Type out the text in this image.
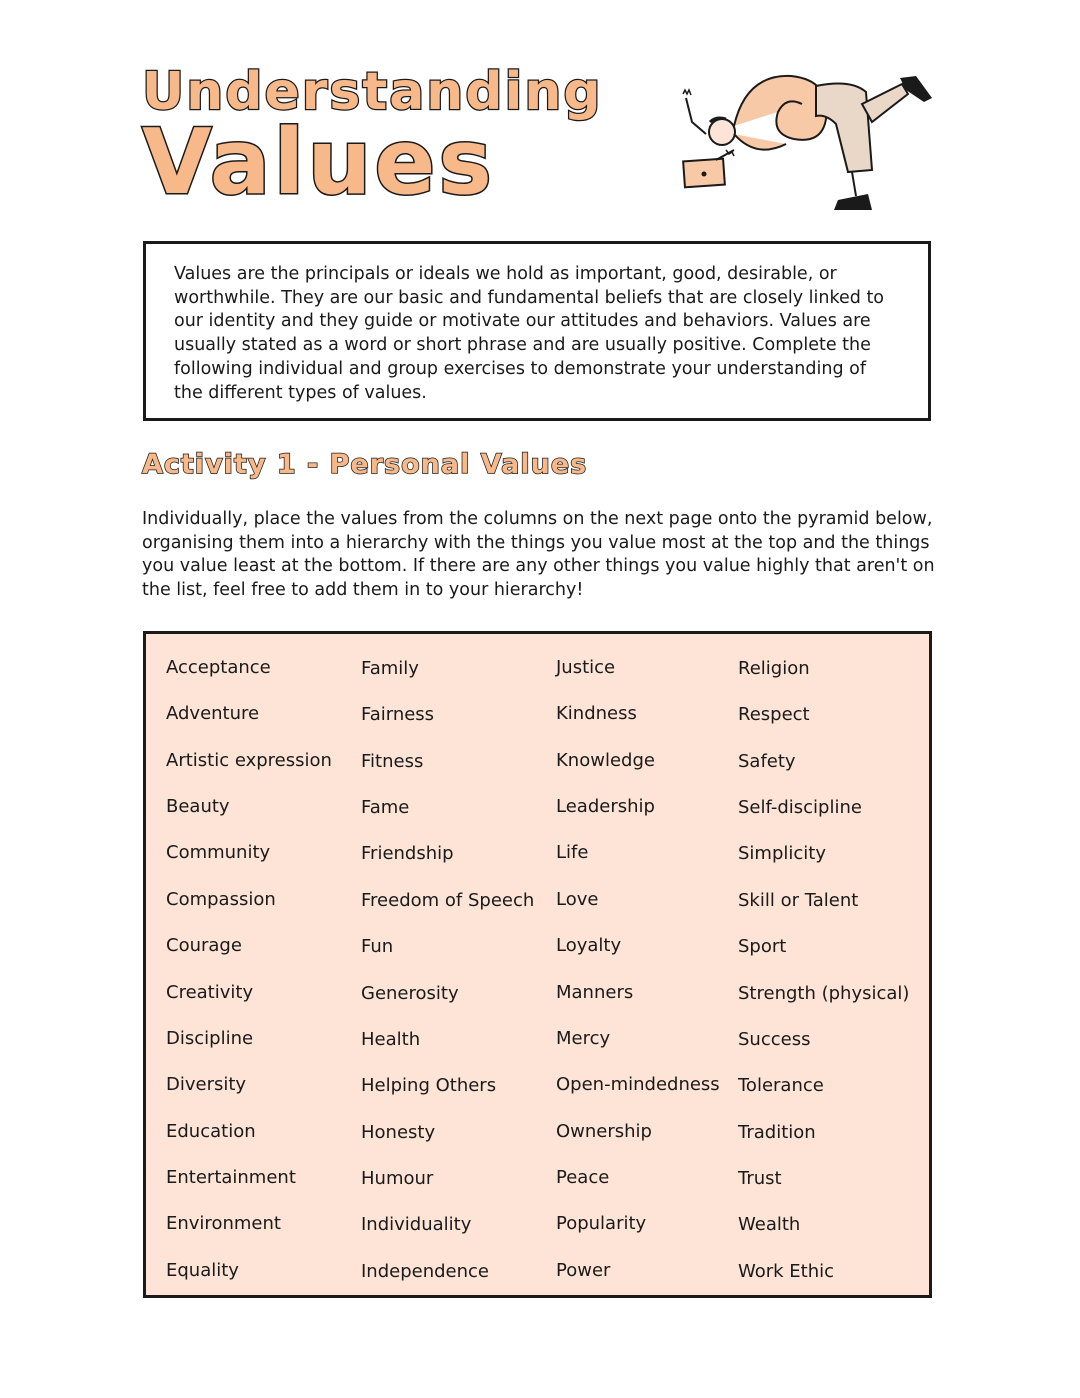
Understanding
Values

Values are the principals or ideals we hold as important, good, desirable, or worthwhile. They are our basic and fundamental beliefs that are closely linked to our identity and they guide or motivate our attitudes and behaviors. Values are usually stated as a word or short phrase and are usually positive. Complete the following individual and group exercises to demonstrate your understanding of the different types of values.

Activity 1 - Personal Values

Individually, place the values from the columns on the next page onto the pyramid below, organising them into a hierarchy with the things you value most at the top and the things you value least at the bottom. If there are any other things you value highly that aren't on the list, feel free to add them in to your hierarchy!

Acceptance
Adventure
Artistic expression
Beauty
Community
Compassion
Courage
Creativity
Discipline
Diversity
Education
Entertainment
Environment
Equality
Family
Fairness
Fitness
Fame
Friendship
Freedom of Speech
Fun
Generosity
Health
Helping Others
Honesty
Humour
Individuality
Independence
Justice
Kindness
Knowledge
Leadership
Life
Love
Loyalty
Manners
Mercy
Open-mindedness
Ownership
Peace
Popularity
Power
Religion
Respect
Safety
Self-discipline
Simplicity
Skill or Talent
Sport
Strength (physical)
Success
Tolerance
Tradition
Trust
Wealth
Work Ethic
